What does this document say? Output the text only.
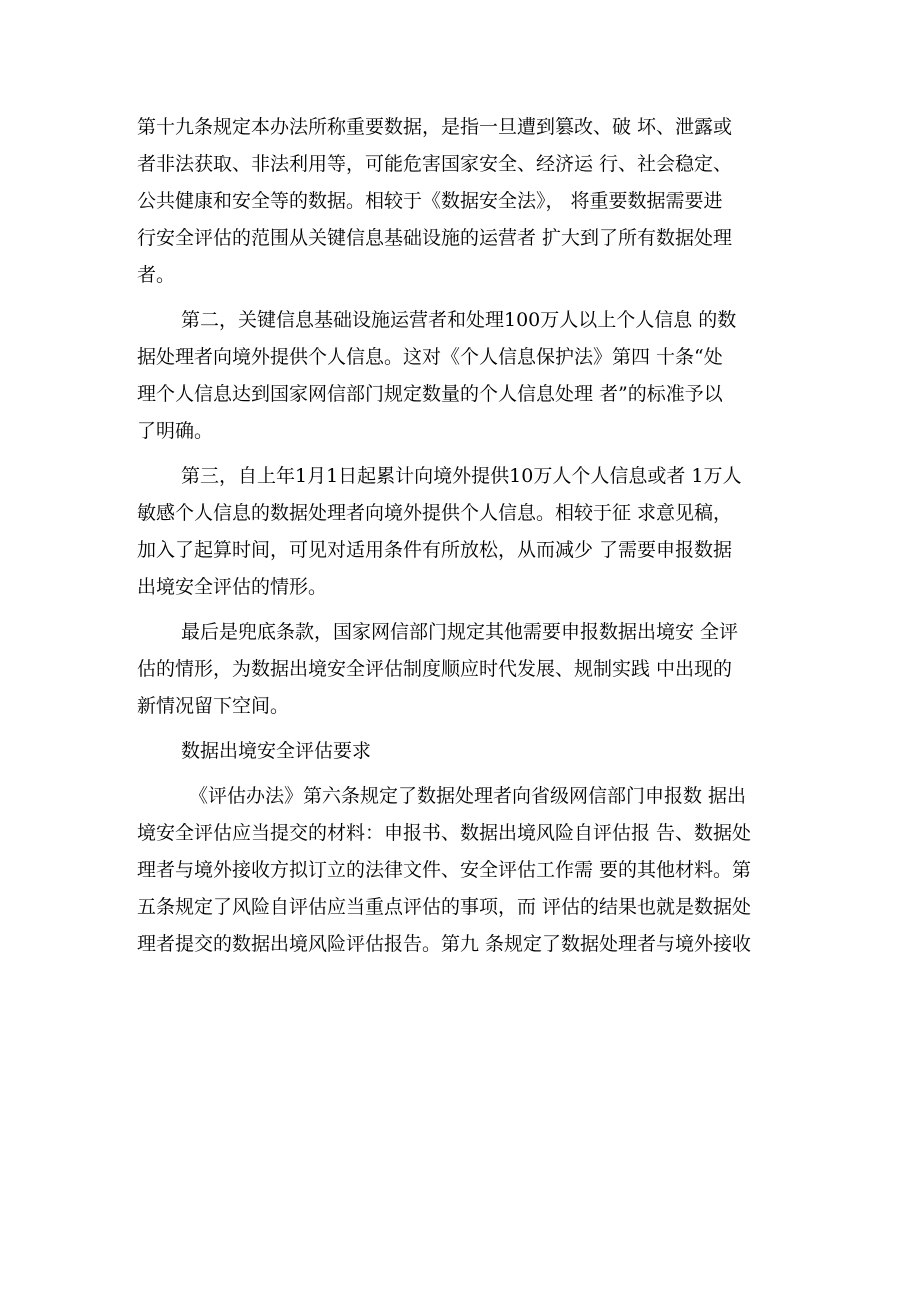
第十九条规定本办法所称重要数据，是指一旦遭到篡改、破 坏、泄露或
者非法获取、非法利用等，可能危害国家安全、经济运 行、社会稳定、
公共健康和安全等的数据。相较于《数据安全法》， 将重要数据需要进
行安全评估的范围从关键信息基础设施的运营者 扩大到了所有数据处理
者。
第二，关键信息基础设施运营者和处理100万人以上个人信息 的数
据处理者向境外提供个人信息。这对《个人信息保护法》第四 十条“处
理个人信息达到国家网信部门规定数量的个人信息处理 者”的标准予以
了明确。
第三，自上年1月1日起累计向境外提供10万人个人信息或者 1万人
敏感个人信息的数据处理者向境外提供个人信息。相较于征 求意见稿，
加入了起算时间，可见对适用条件有所放松，从而减少 了需要申报数据
出境安全评估的情形。
最后是兜底条款，国家网信部门规定其他需要申报数据出境安 全评
估的情形，为数据出境安全评估制度顺应时代发展、规制实践 中出现的
新情况留下空间。
数据出境安全评估要求
《评估办法》第六条规定了数据处理者向省级网信部门申报数 据出
境安全评估应当提交的材料：申报书、数据出境风险自评估报 告、数据处
理者与境外接收方拟订立的法律文件、安全评估工作需 要的其他材料。第
五条规定了风险自评估应当重点评估的事项，而 评估的结果也就是数据处
理者提交的数据出境风险评估报告。第九 条规定了数据处理者与境外接收
